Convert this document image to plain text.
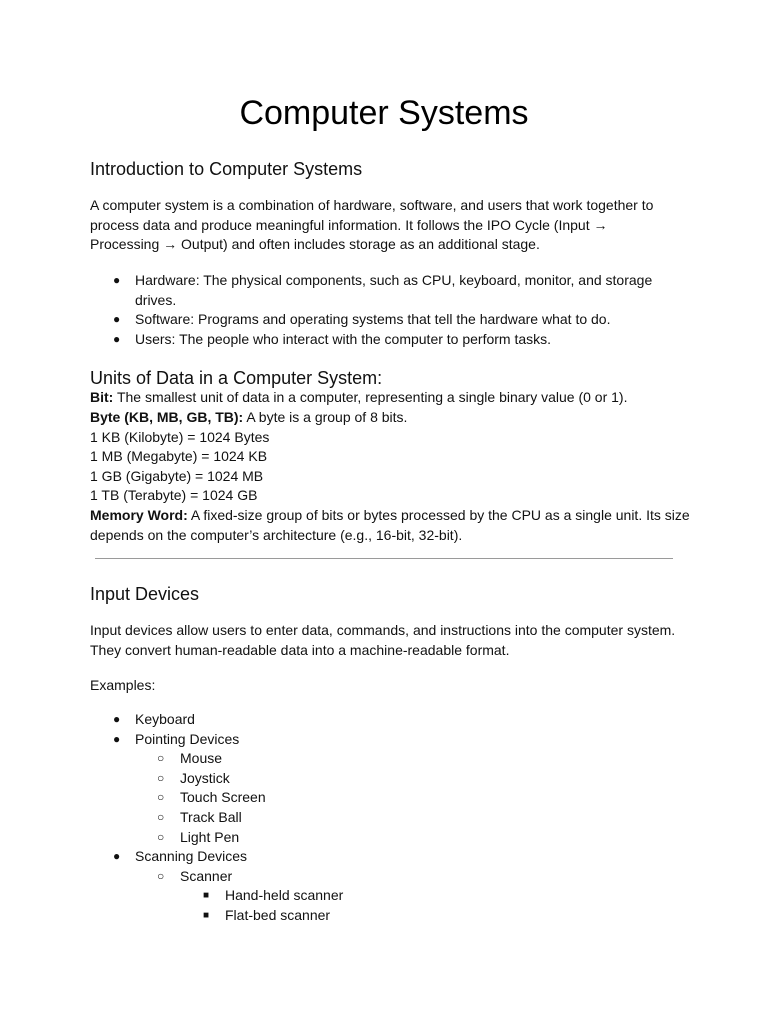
Computer Systems
Introduction to Computer Systems
A computer system is a combination of hardware, software, and users that work together to process data and produce meaningful information. It follows the IPO Cycle (Input → Processing → Output) and often includes storage as an additional stage.
● Hardware: The physical components, such as CPU, keyboard, monitor, and storage drives.
● Software: Programs and operating systems that tell the hardware what to do.
● Users: The people who interact with the computer to perform tasks.
Units of Data in a Computer System:
Bit: The smallest unit of data in a computer, representing a single binary value (0 or 1).
Byte (KB, MB, GB, TB): A byte is a group of 8 bits.
1 KB (Kilobyte) = 1024 Bytes
1 MB (Megabyte) = 1024 KB
1 GB (Gigabyte) = 1024 MB
1 TB (Terabyte) = 1024 GB
Memory Word: A fixed-size group of bits or bytes processed by the CPU as a single unit. Its size
depends on the computer’s architecture (e.g., 16-bit, 32-bit).
Input Devices
Input devices allow users to enter data, commands, and instructions into the computer system. They convert human-readable data into a machine-readable format.
Examples:
● Keyboard
● Pointing Devices
○ Mouse
○ Joystick
○ Touch Screen
○ Track Ball
○ Light Pen
● Scanning Devices
○ Scanner
■ Hand-held scanner
■ Flat-bed scanner
